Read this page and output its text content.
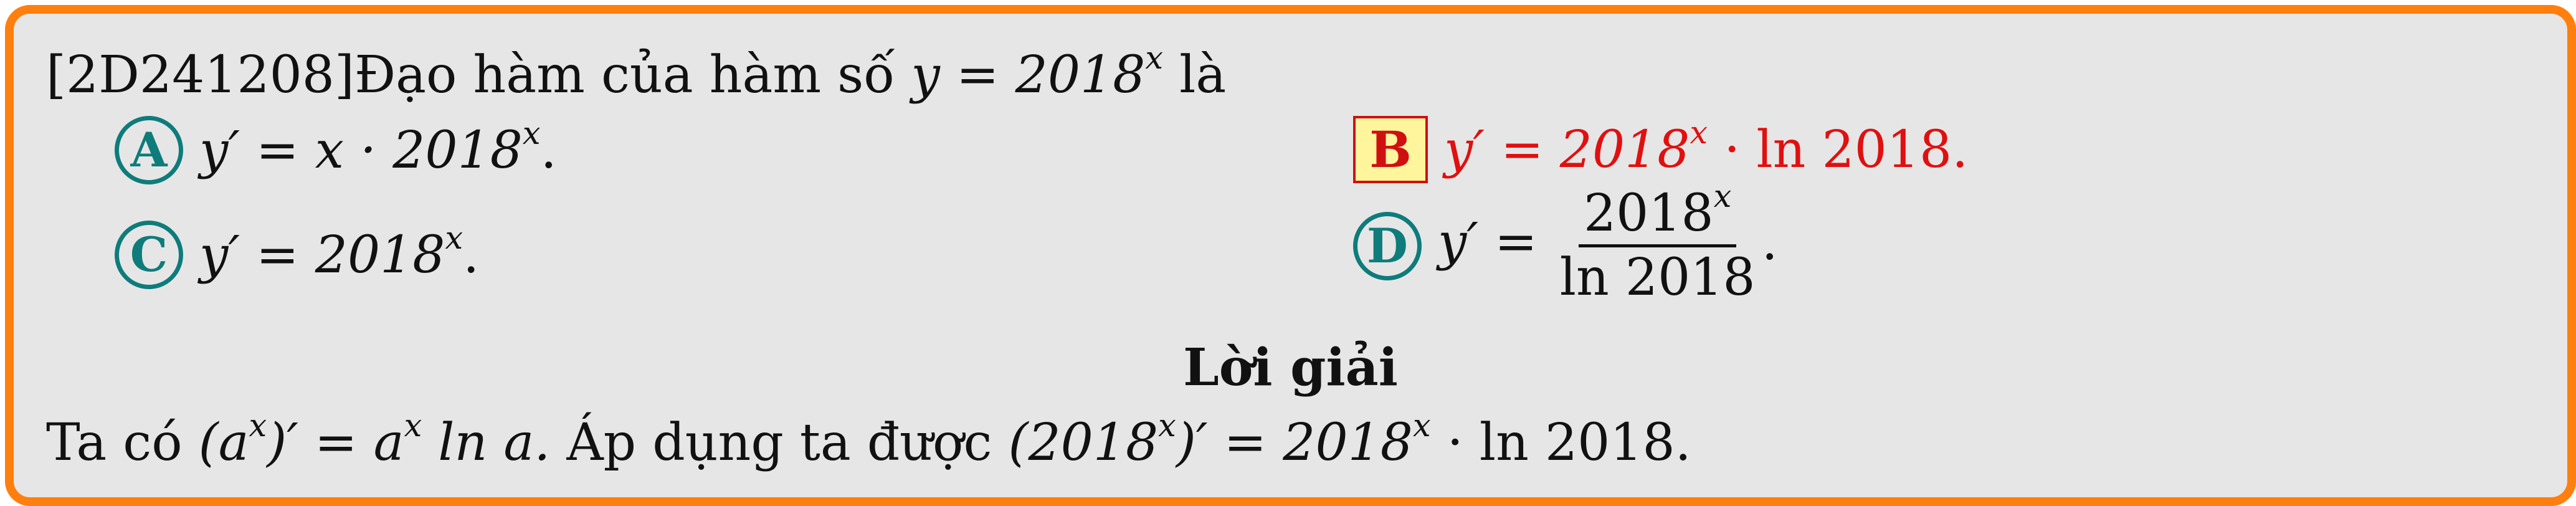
[2D241208]Đạo hàm của hàm số $y = 2018^x$ là
A $y' = x \cdot 2018^x$.	B $y' = 2018^x \cdot \ln 2018$.
C $y' = 2018^x$.	D $y' = \frac{2018^x}{\ln 2018}$ .
Lời giải
Ta có $(a^x)' = a^x$ ln a. Áp dụng ta được $(2018^x)' = 2018^x \cdot \ln 2018$.
